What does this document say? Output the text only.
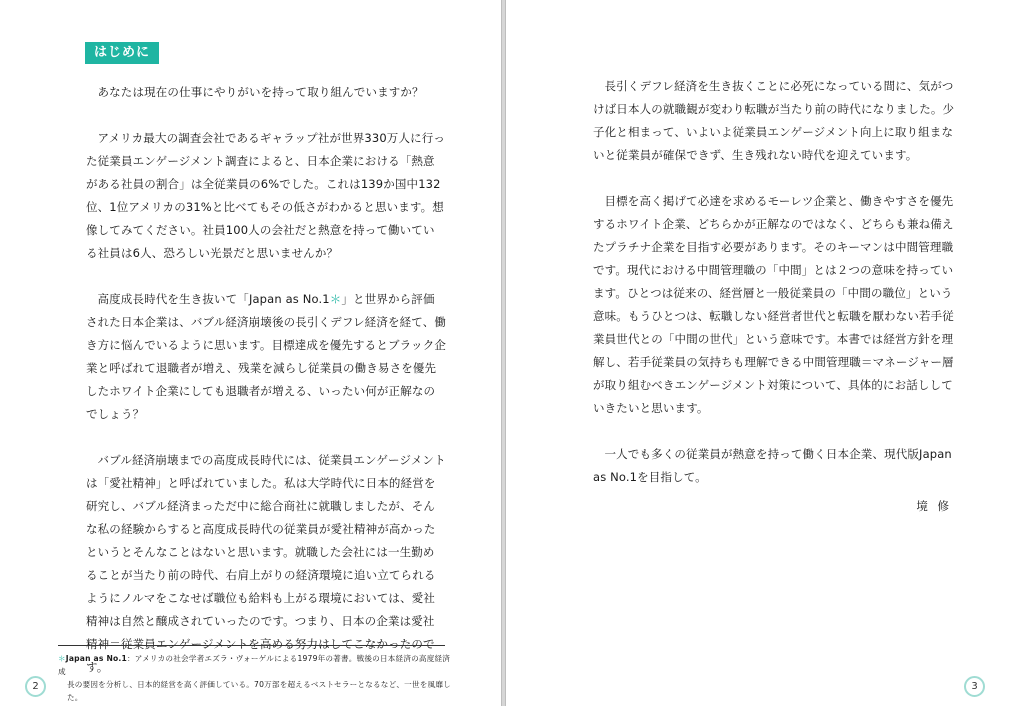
はじめに

あなたは現在の仕事にやりがいを持って取り組んでいますか？

アメリカ最大の調査会社であるギャラップ社が世界330万人に行った従業員エンゲージメント調査によると、日本企業における「熱意がある社員の割合」は全従業員の6%でした。これは139か国中132位、1位アメリカの31%と比べてもその低さがわかると思います。想像してみてください。社員100人の会社だと熱意を持って働いている社員は6人、恐ろしい光景だと思いませんか？

高度成長時代を生き抜いて「Japan as No.1＊」と世界から評価された日本企業は、バブル経済崩壊後の長引くデフレ経済を経て、働き方に悩んでいるように思います。目標達成を優先するとブラック企業と呼ばれて退職者が増え、残業を減らし従業員の働き易さを優先したホワイト企業にしても退職者が増える、いったい何が正解なのでしょう？

バブル経済崩壊までの高度成長時代には、従業員エンゲージメントは「愛社精神」と呼ばれていました。私は大学時代に日本的経営を研究し、バブル経済まっただ中に総合商社に就職しましたが、そんな私の経験からすると高度成長時代の従業員が愛社精神が高かったというとそんなことはないと思います。就職した会社には一生勤めることが当たり前の時代、右肩上がりの経済環境に追い立てられるようにノルマをこなせば職位も給料も上がる環境においては、愛社精神は自然と醸成されていったのです。つまり、日本の企業は愛社精神＝従業員エンゲージメントを高める努力はしてこなかったのです。

＊Japan as No.1：アメリカの社会学者エズラ・ヴォーゲルによる1979年の著書。戦後の日本経済の高度経済成
長の要因を分析し、日本的経営を高く評価している。70万部を超えるベストセラーとなるなど、一世を風靡した。
2	3

長引くデフレ経済を生き抜くことに必死になっている間に、気がつけば日本人の就職観が変わり転職が当たり前の時代になりました。少子化と相まって、いよいよ従業員エンゲージメント向上に取り組まないと従業員が確保できず、生き残れない時代を迎えています。

目標を高く掲げて必達を求めるモーレツ企業と、働きやすさを優先するホワイト企業、どちらかが正解なのではなく、どちらも兼ね備えたプラチナ企業を目指す必要があります。そのキーマンは中間管理職です。現代における中間管理職の「中間」とは２つの意味を持っています。ひとつは従来の、経営層と一般従業員の「中間の職位」という意味。もうひとつは、転職しない経営者世代と転職を厭わない若手従業員世代との「中間の世代」という意味です。本書では経営方針を理解し、若手従業員の気持ちも理解できる中間管理職＝マネージャー層が取り組むべきエンゲージメント対策について、具体的にお話ししていきたいと思います。

一人でも多くの従業員が熱意を持って働く日本企業、現代版Japan as No.1を目指して。

境 修
